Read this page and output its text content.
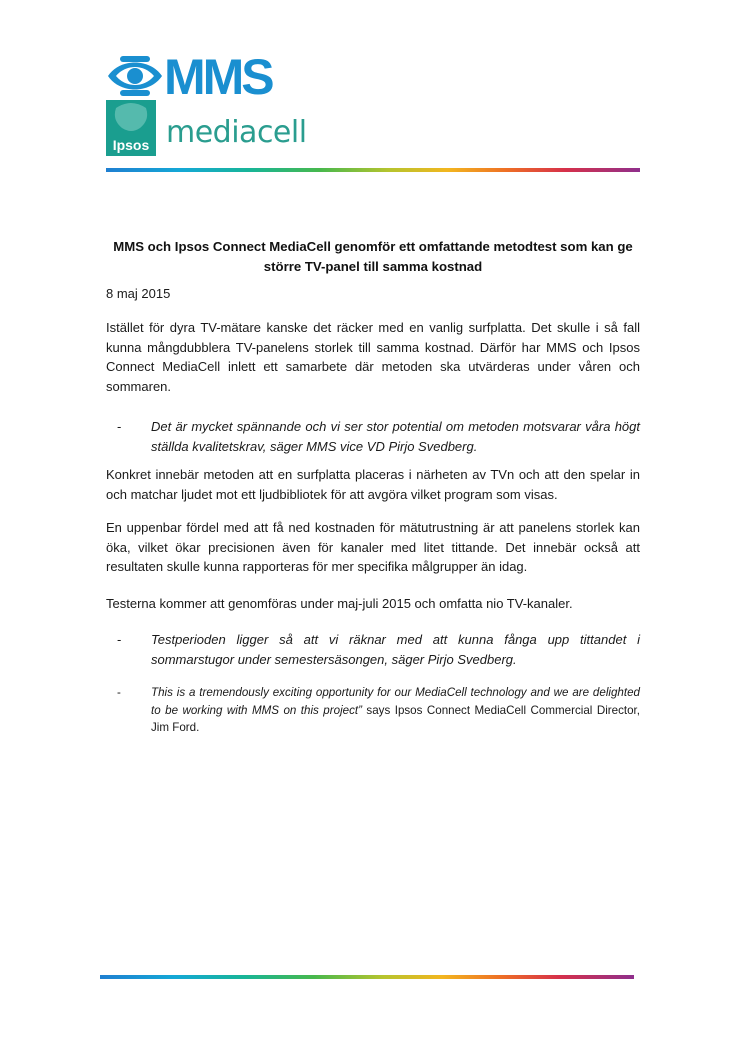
MMS
Ipsos mediacell
MMS och Ipsos Connect MediaCell genomför ett omfattande metodtest som kan ge större TV-panel till samma kostnad
8 maj 2015

Istället för dyra TV-mätare kanske det räcker med en vanlig surfplatta. Det skulle i så fall kunna mångdubblera TV-panelens storlek till samma kostnad. Därför har MMS och Ipsos Connect MediaCell inlett ett samarbete där metoden ska utvärderas under våren och sommaren.

- Det är mycket spännande och vi ser stor potential om metoden motsvarar våra högt ställda kvalitetskrav, säger MMS vice VD Pirjo Svedberg.

Konkret innebär metoden att en surfplatta placeras i närheten av TVn och att den spelar in och matchar ljudet mot ett ljudbibliotek för att avgöra vilket program som visas.

En uppenbar fördel med att få ned kostnaden för mätutrustning är att panelens storlek kan öka, vilket ökar precisionen även för kanaler med litet tittande. Det innebär också att resultaten skulle kunna rapporteras för mer specifika målgrupper än idag.

Testerna kommer att genomföras under maj-juli 2015 och omfatta nio TV-kanaler.

- Testperioden ligger så att vi räknar med att kunna fånga upp tittandet i sommarstugor under semestersäsongen, säger Pirjo Svedberg.
-	This is a tremendously exciting opportunity for our MediaCell technology and we are delighted to be working with MMS on this project” says Ipsos Connect MediaCell Commercial Director, Jim Ford.
